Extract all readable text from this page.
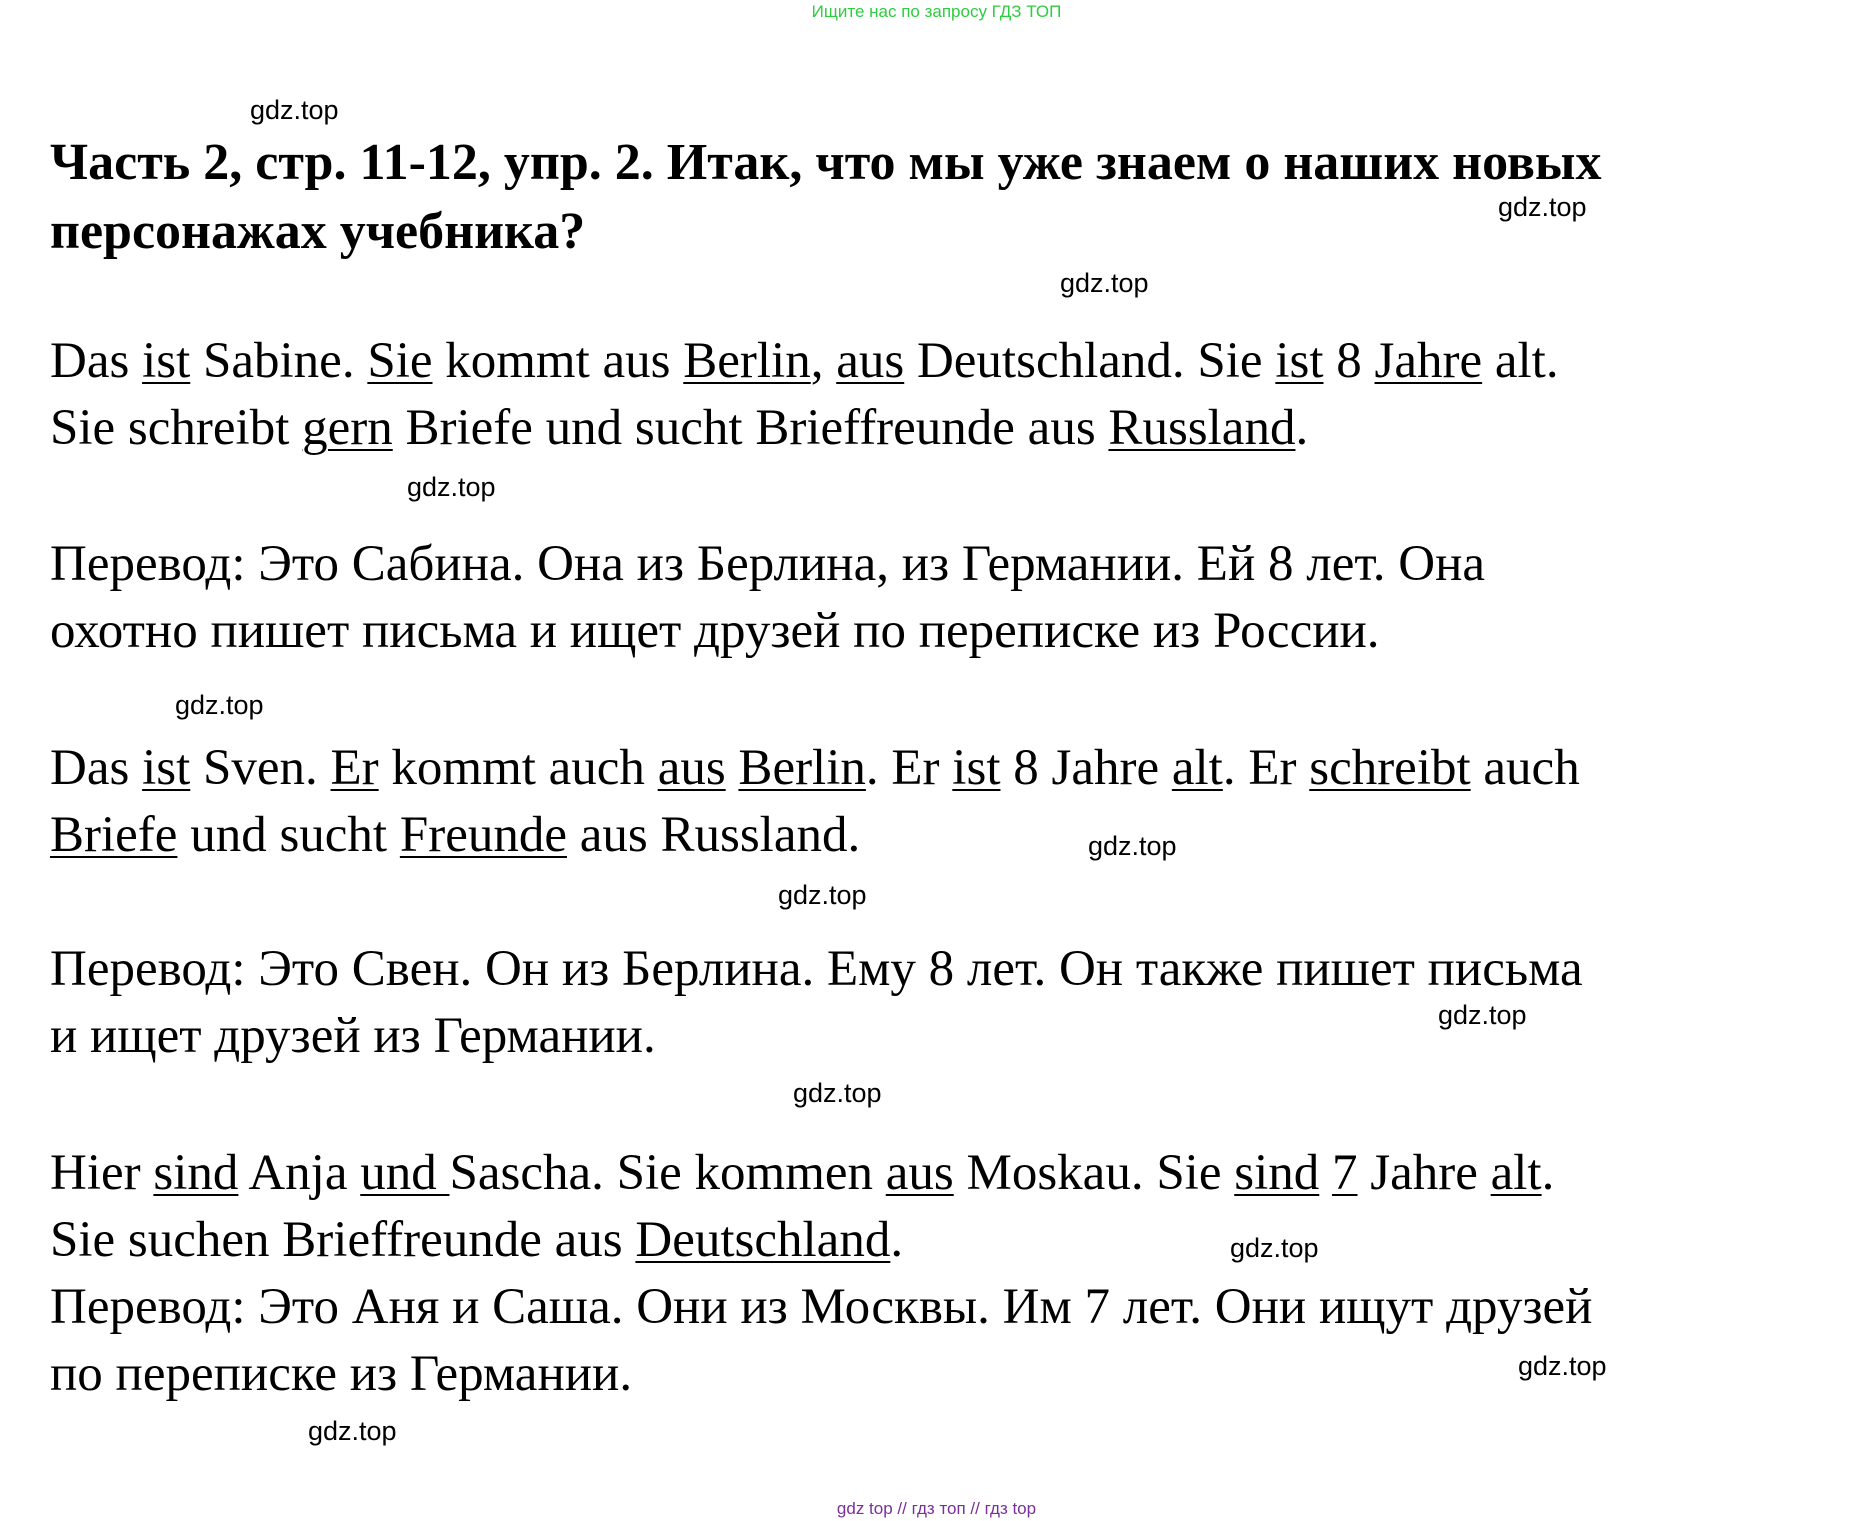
Ищите нас по запросу ГДЗ ТОП
Часть 2, стр. 11-12, упр. 2. Итак, что мы уже знаем о наших новых
персонажах учебника?
gdz.top
gdz.top
gdz.top
gdz.top
gdz.top
gdz.top
gdz.top
gdz.top
gdz.top
gdz.top
gdz.top
gdz.top

Das ist Sabine. Sie kommt aus Berlin, aus Deutschland. Sie ist 8 Jahre alt.
Sie schreibt gern Briefe und sucht Brieffreunde aus Russland.

Перевод: Это Сабина. Она из Берлина, из Германии. Ей 8 лет. Она
охотно пишет письма и ищет друзей по переписке из России.

Das ist Sven. Er kommt auch aus Berlin. Er ist 8 Jahre alt. Er schreibt auch
Briefe und sucht Freunde aus Russland.

Перевод: Это Свен. Он из Берлина. Ему 8 лет. Он также пишет письма
и ищет друзей из Германии.

Hier sind Anja und Sascha. Sie kommen aus Moskau. Sie sind 7 Jahre alt.
Sie suchen Brieffreunde aus Deutschland.

Перевод: Это Аня и Саша. Они из Москвы. Им 7 лет. Они ищут друзей
по переписке из Германии.

gdz top // гдз топ // гдз top
